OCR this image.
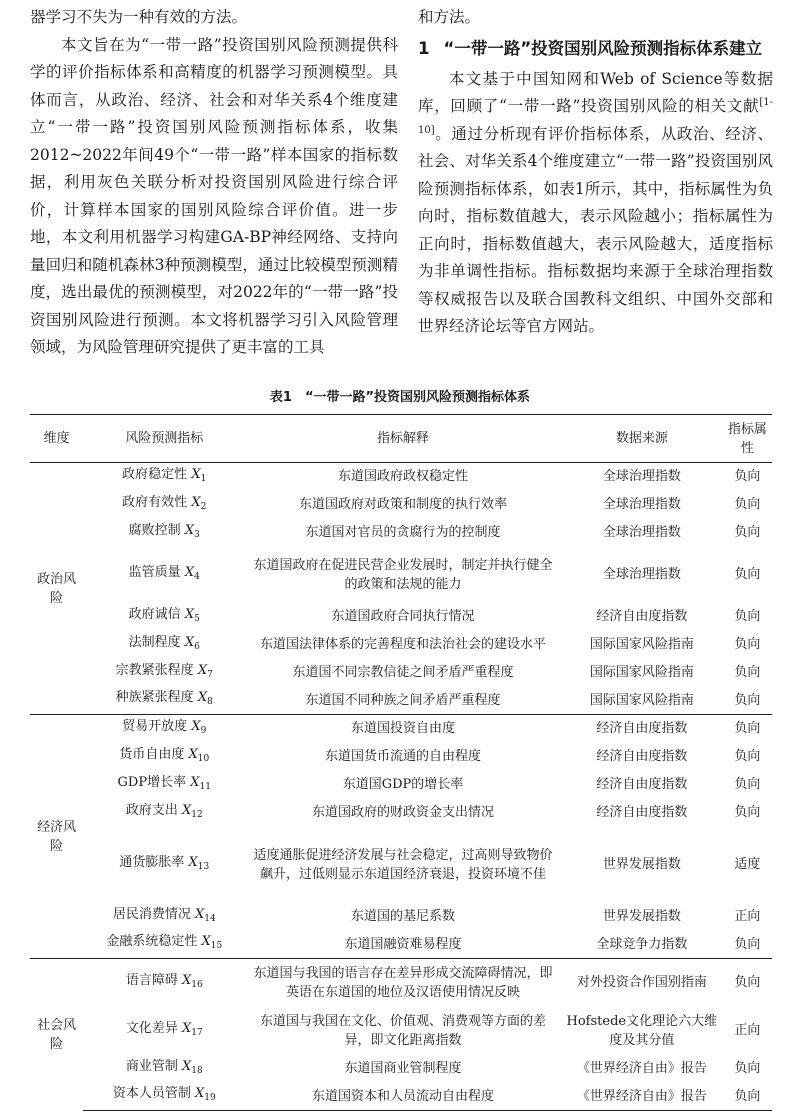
器学习不失为一种有效的方法。

本文旨在为“一带一路”投资国别风险预测提供科学的评价指标体系和高精度的机器学习预测模型。具体而言，从政治、经济、社会和对华关系4个维度建立“一带一路”投资国别风险预测指标体系，收集2012~2022年间49个“一带一路”样本国家的指标数据，利用灰色关联分析对投资国别风险进行综合评价，计算样本国家的国别风险综合评价值。进一步地，本文利用机器学习构建GA-BP神经网络、支持向量回归和随机森林3种预测模型，通过比较模型预测精度，选出最优的预测模型，对2022年的“一带一路”投资国别风险进行预测。本文将机器学习引入风险管理领域，为风险管理研究提供了更丰富的工具

和方法。

1 “一带一路”投资国别风险预测指标体系建立

本文基于中国知网和Web of Science等数据库，回顾了“一带一路”投资国别风险的相关文献[1-10]。通过分析现有评价指标体系，从政治、经济、社会、对华关系4个维度建立“一带一路”投资国别风险预测指标体系，如表1所示，其中，指标属性为负向时，指标数值越大，表示风险越小；指标属性为正向时，指标数值越大，表示风险越大，适度指标为非单调性指标。指标数据均来源于全球治理指数等权威报告以及联合国教科文组织、中国外交部和世界经济论坛等官方网站。

表1　“一带一路”投资国别风险预测指标体系
维度	风险预测指标	指标解释	数据来源	指标属性
政治风险	政府稳定性 $X_1$	东道国政府政权稳定性	全球治理指数	负向
	政府有效性 $X_2$	东道国政府对政策和制度的执行效率	全球治理指数	负向
	腐败控制 $X_3$	东道国对官员的贪腐行为的控制度	全球治理指数	负向
	监管质量 $X_4$	东道国政府在促进民营企业发展时，制定并执行健全的政策和法规的能力	全球治理指数	负向
	政府诚信 $X_5$	东道国政府合同执行情况	经济自由度指数	负向
	法制程度 $X_6$	东道国法律体系的完善程度和法治社会的建设水平	国际国家风险指南	负向
	宗教紧张程度 $X_7$	东道国不同宗教信徒之间矛盾严重程度	国际国家风险指南	负向
	种族紧张程度 $X_8$	东道国不同种族之间矛盾严重程度	国际国家风险指南	负向
经济风险	贸易开放度 $X_9$	东道国投资自由度	经济自由度指数	负向
	货币自由度 $X_{10}$	东道国货币流通的自由程度	经济自由度指数	负向
	GDP增长率 $X_{11}$	东道国GDP的增长率	经济自由度指数	负向
	政府支出 $X_{12}$	东道国政府的财政资金支出情况	经济自由度指数	负向
	通货膨胀率 $X_{13}$	适度通胀促进经济发展与社会稳定，过高则导致物价飙升，过低则显示东道国经济衰退，投资环境不佳	世界发展指数	适度
	居民消费情况 $X_{14}$	东道国的基尼系数	世界发展指数	正向
	金融系统稳定性 $X_{15}$	东道国融资难易程度	全球竞争力指数	负向
社会风险	语言障碍 $X_{16}$	东道国与我国的语言存在差异形成交流障碍情况，即英语在东道国的地位及汉语使用情况反映	对外投资合作国别指南	负向
	文化差异 $X_{17}$	东道国与我国在文化、价值观、消费观等方面的差异，即文化距离指数	Hofstede文化理论六大维度及其分值	正向
	商业管制 $X_{18}$	东道国商业管制程度	《世界经济自由》报告	负向
	资本人员管制 $X_{19}$	东道国资本和人员流动自由程度	《世界经济自由》报告	负向
